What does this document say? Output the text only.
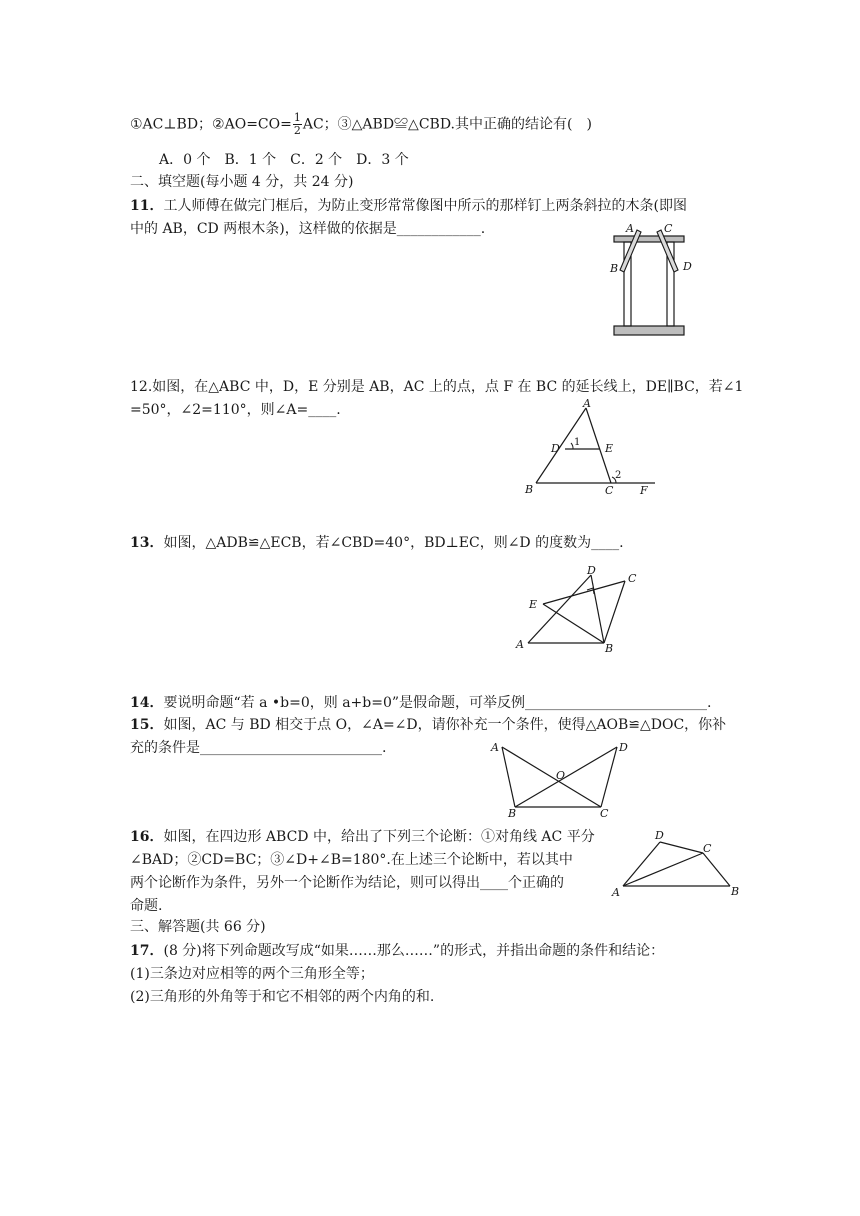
①AC⊥BD；②AO=CO= $\frac{1}{2}$ AC；③△ABD≌△CBD.其中正确的结论有(　)
A．0 个　B．1 个　C．2 个　D．3 个
二、填空题(每小题 4 分，共 24 分)
11．工人师傅在做完门框后，为防止变形常常像图中所示的那样钉上两条斜拉的木条(即图
中的 AB，CD 两根木条)，这样做的依据是____________.	A	C
B	D
12.如图，在△ABC 中，D，E 分别是 AB，AC 上的点，点 F 在 BC 的延长线上，DE∥BC，若∠1
=50°，∠2=110°，则∠A=____.	A
D	E
B	C F
1
2
13．如图，△ADB≌△ECB，若∠CBD=40°，BD⊥EC，则∠D 的度数为____.
D
C
E
A	B
14．要说明命题“若 a •b=0，则 a+b=0”是假命题，可举反例__________________________.
15．如图，AC 与 BD 相交于点 O，∠A=∠D，请你补充一个条件，使得△AOB≌△DOC，你补
充的条件是__________________________.	A	D
O
B	C
16．如图，在四边形 ABCD 中，给出了下列三个论断：①对角线 AC 平分
∠BAD；②CD=BC；③∠D+∠B=180°.在上述三个论断中，若以其中
两个论断作为条件，另外一个论断作为结论，则可以得出____个正确的
命题.
D
C
A	B
三、解答题(共 66 分)
17．(8 分)将下列命题改写成“如果……那么……”的形式，并指出命题的条件和结论：
(1)三条边对应相等的两个三角形全等；
(2)三角形的外角等于和它不相邻的两个内角的和.
